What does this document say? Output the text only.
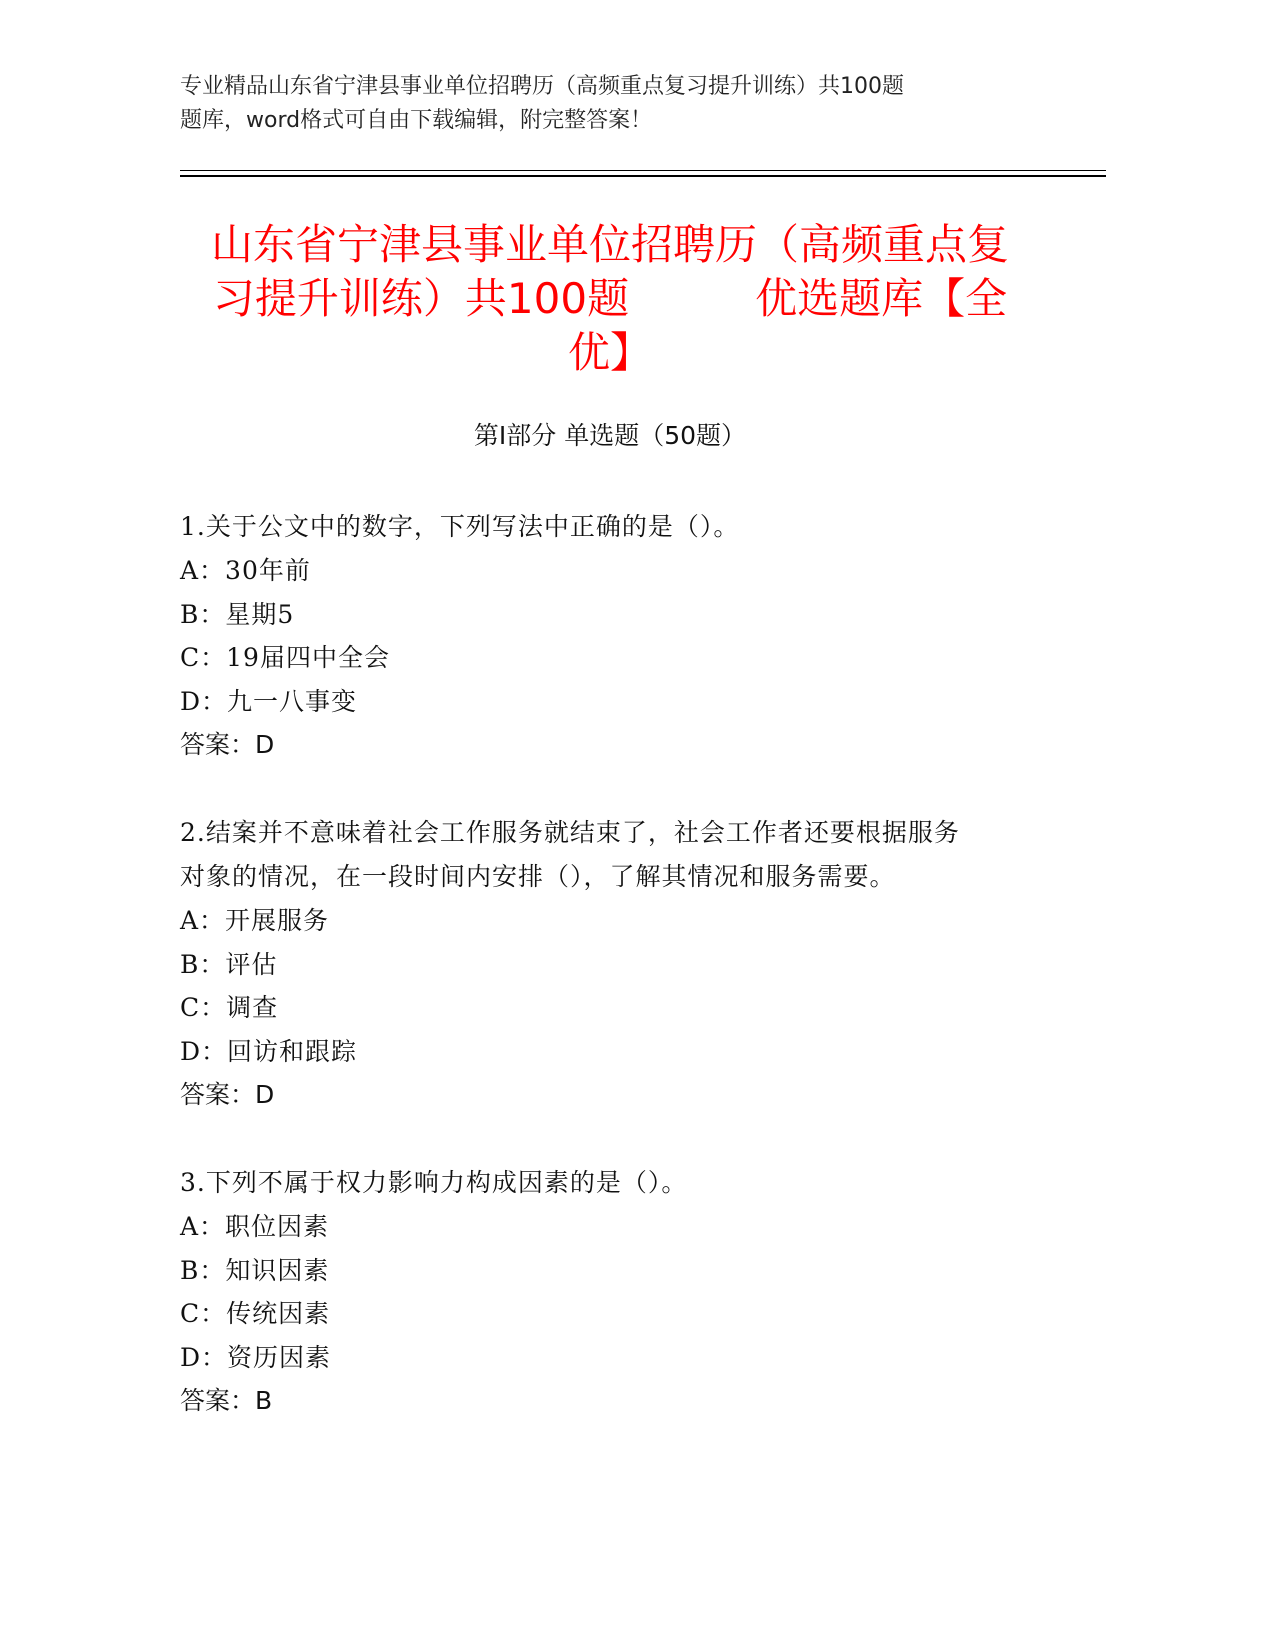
专业精品山东省宁津县事业单位招聘历（高频重点复习提升训练）共100题
题库，word格式可自由下载编辑，附完整答案！
山东省宁津县事业单位招聘历（高频重点复
习提升训练）共100题　　　优选题库【全
优】
第Ⅰ部分 单选题（50题）
1.关于公文中的数字，下列写法中正确的是（）。
A：30年前
B：星期5
C：19届四中全会
D：九一八事变
答案：D
2.结案并不意味着社会工作服务就结束了，社会工作者还要根据服务
对象的情况，在一段时间内安排（），了解其情况和服务需要。
A：开展服务
B：评估
C：调查
D：回访和跟踪
答案：D
3.下列不属于权力影响力构成因素的是（）。
A：职位因素
B：知识因素
C：传统因素
D：资历因素
答案：B
